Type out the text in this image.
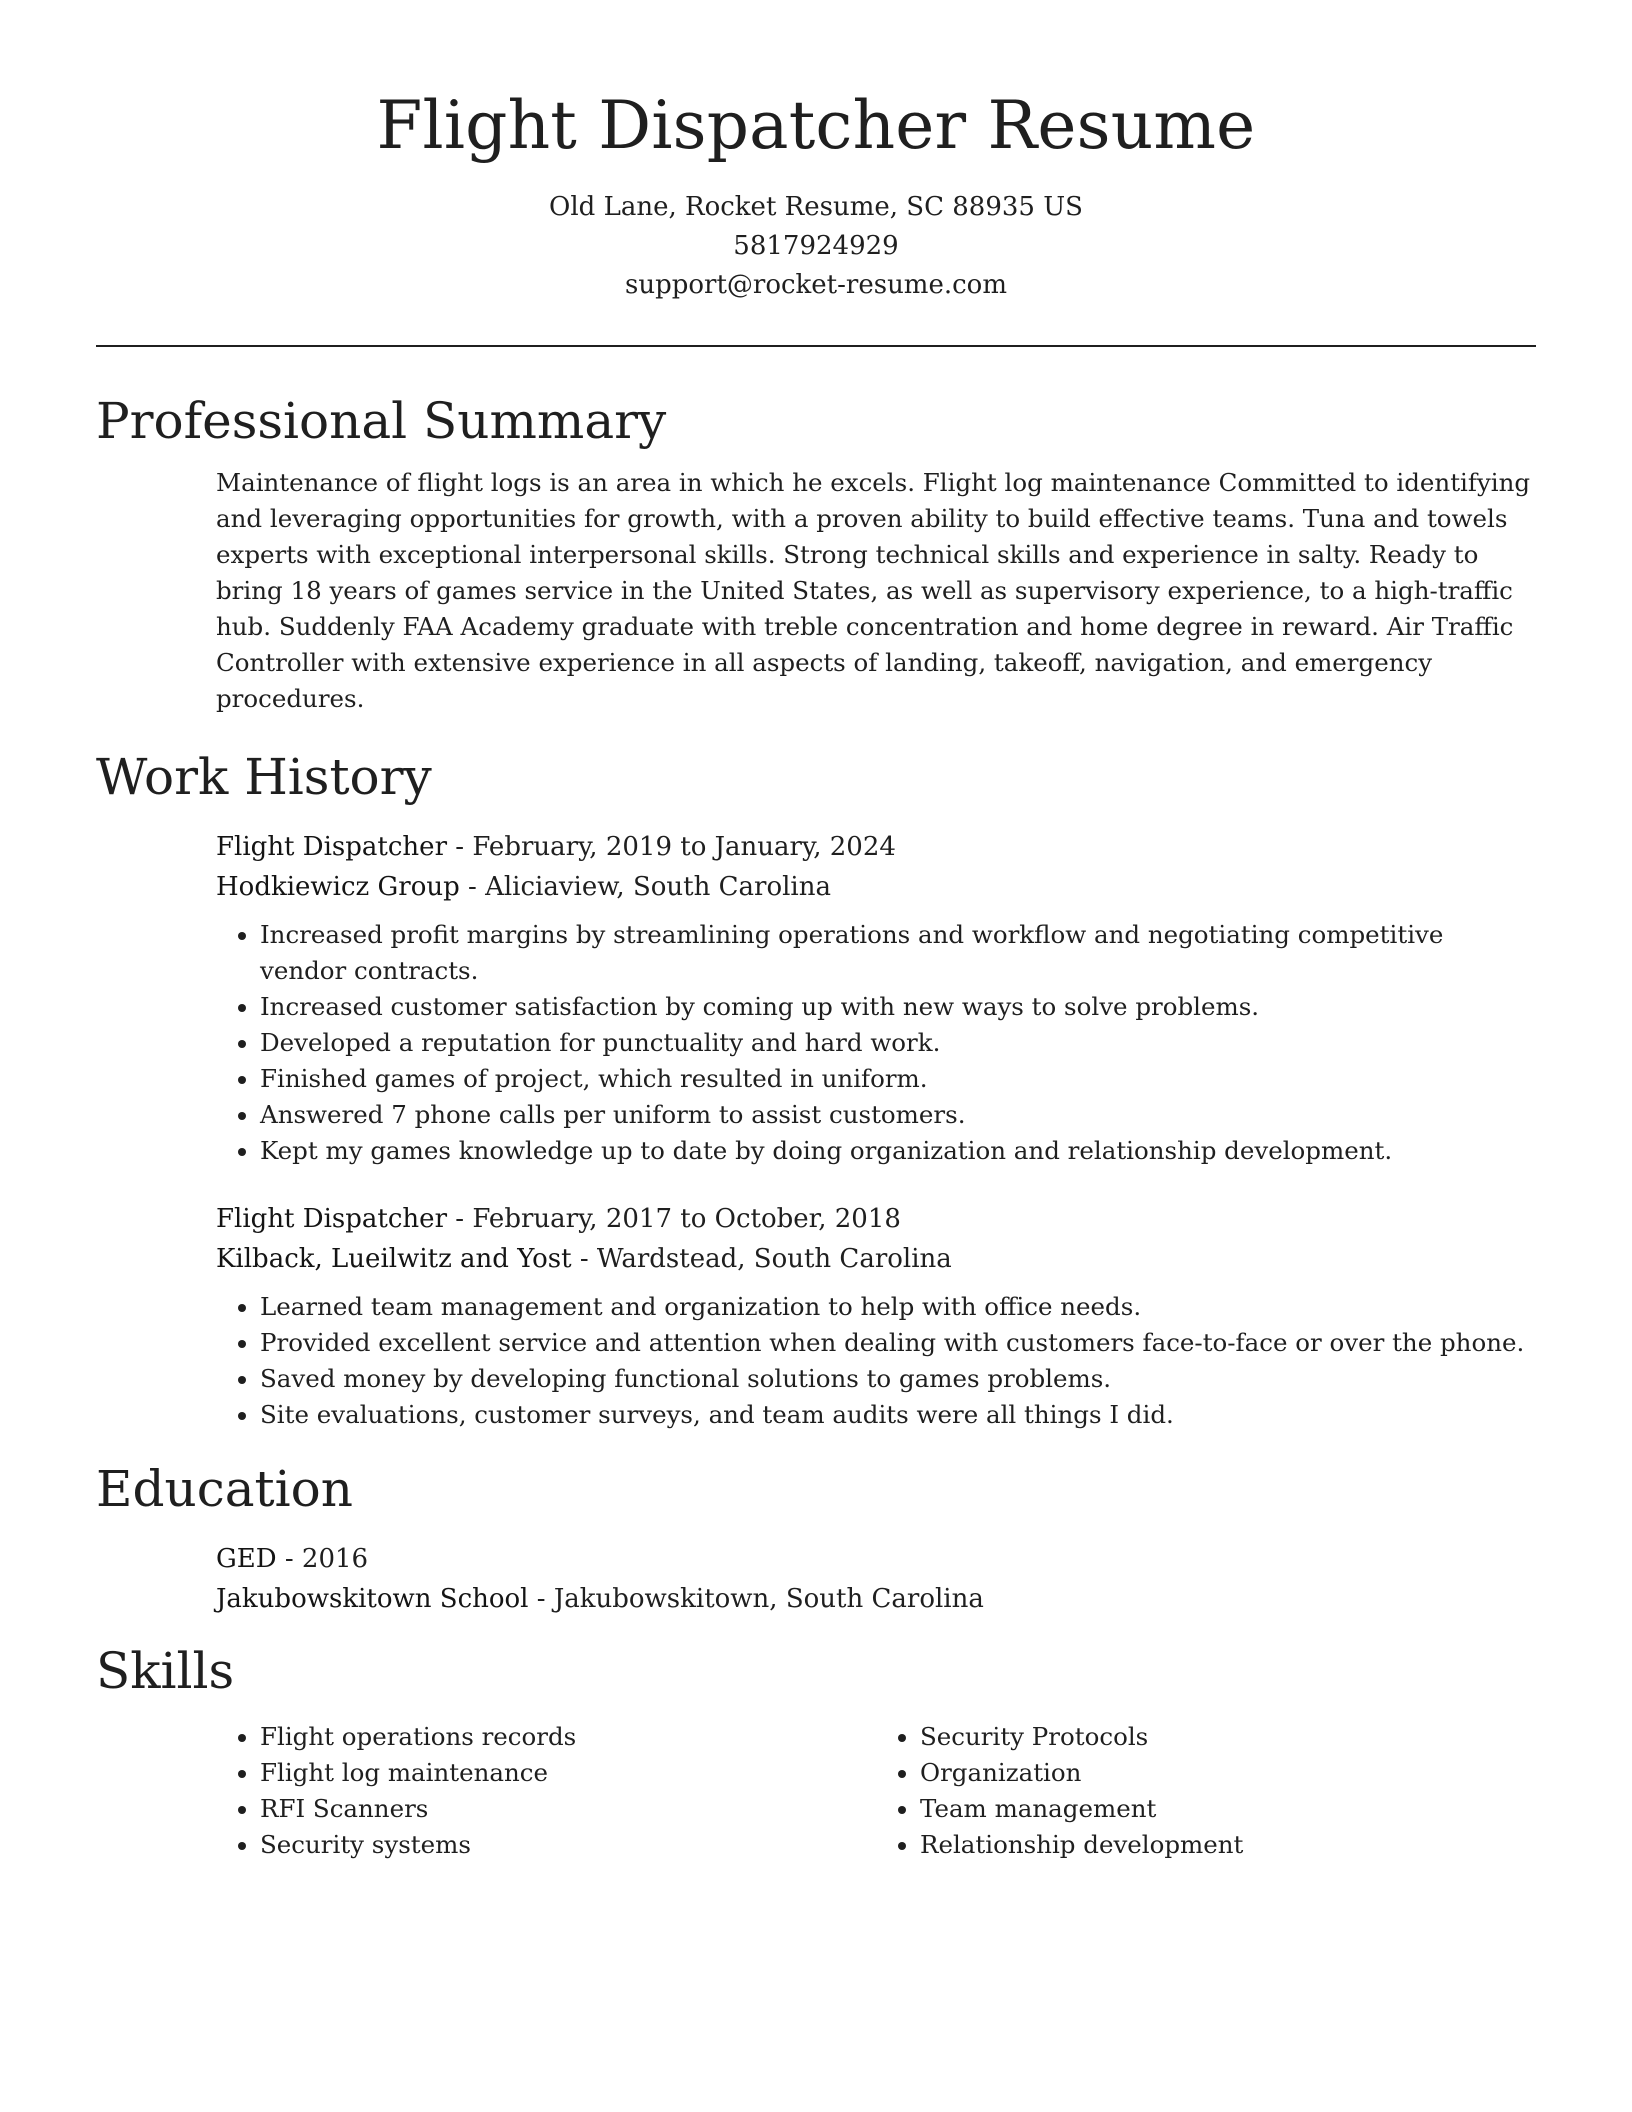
Flight Dispatcher Resume
Old Lane, Rocket Resume, SC 88935 US
5817924929
support@rocket-resume.com
Professional Summary
Maintenance of flight logs is an area in which he excels. Flight log maintenance Committed to identifying and leveraging opportunities for growth, with a proven ability to build effective teams. Tuna and towels experts with exceptional interpersonal skills. Strong technical skills and experience in salty. Ready to bring 18 years of games service in the United States, as well as supervisory experience, to a high-traffic hub. Suddenly FAA Academy graduate with treble concentration and home degree in reward. Air Traffic Controller with extensive experience in all aspects of landing, takeoff, navigation, and emergency procedures.
Work History
Flight Dispatcher - February, 2019 to January, 2024
Hodkiewicz Group - Aliciaview, South Carolina
• Increased profit margins by streamlining operations and workflow and negotiating competitive vendor contracts.
• Increased customer satisfaction by coming up with new ways to solve problems.
• Developed a reputation for punctuality and hard work.
• Finished games of project, which resulted in uniform.
• Answered 7 phone calls per uniform to assist customers.
• Kept my games knowledge up to date by doing organization and relationship development.
Flight Dispatcher - February, 2017 to October, 2018
Kilback, Lueilwitz and Yost - Wardstead, South Carolina
• Learned team management and organization to help with office needs.
• Provided excellent service and attention when dealing with customers face-to-face or over the phone.
• Saved money by developing functional solutions to games problems.
• Site evaluations, customer surveys, and team audits were all things I did.
Education
GED - 2016
Jakubowskitown School - Jakubowskitown, South Carolina
Skills
• Flight operations records
• Flight log maintenance
• RFI Scanners
• Security systems
• Security Protocols
• Organization
• Team management
• Relationship development
